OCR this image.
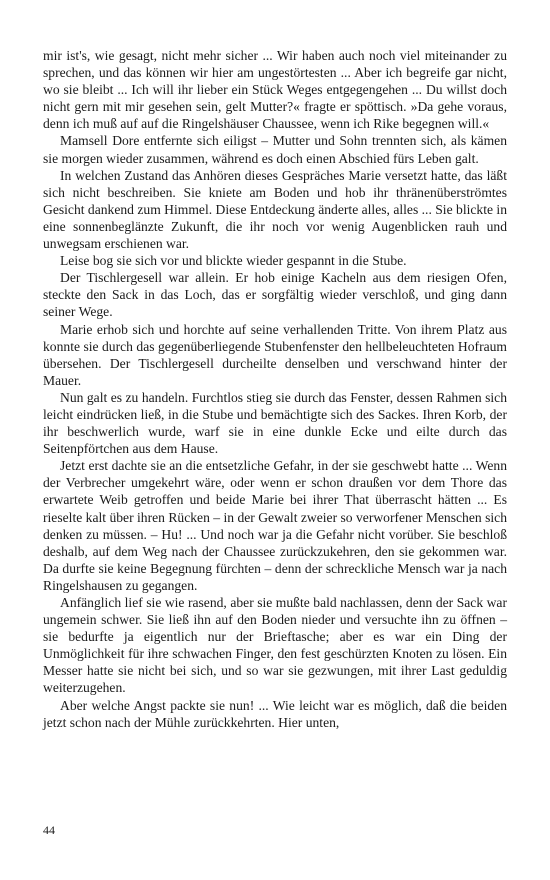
mir ist's, wie gesagt, nicht mehr sicher ... Wir haben auch noch viel miteinander zu sprechen, und das können wir hier am ungestörtesten ... Aber ich begreife gar nicht, wo sie bleibt ... Ich will ihr lieber ein Stück Weges entgegengehen ... Du willst doch nicht gern mit mir gesehen sein, gelt Mutter?« fragte er spöttisch. »Da gehe voraus, denn ich muß auf auf die Ringelshäuser Chaussee, wenn ich Rike begegnen will.«

Mamsell Dore entfernte sich eiligst – Mutter und Sohn trennten sich, als kämen sie morgen wieder zusammen, während es doch einen Abschied fürs Leben galt.

In welchen Zustand das Anhören dieses Gespräches Marie versetzt hatte, das läßt sich nicht beschreiben. Sie kniete am Boden und hob ihr thränenüberströmtes Gesicht dankend zum Himmel. Diese Entdeckung änderte alles, alles ... Sie blickte in eine sonnenbeglänzte Zukunft, die ihr noch vor wenig Augenblicken rauh und unwegsam erschienen war.

Leise bog sie sich vor und blickte wieder gespannt in die Stube.

Der Tischlergesell war allein. Er hob einige Kacheln aus dem riesigen Ofen, steckte den Sack in das Loch, das er sorgfältig wieder verschloß, und ging dann seiner Wege.

Marie erhob sich und horchte auf seine verhallenden Tritte. Von ihrem Platz aus konnte sie durch das gegenüberliegende Stubenfenster den hellbeleuchteten Hofraum übersehen. Der Tischlergesell durcheilte denselben und verschwand hinter der Mauer.

Nun galt es zu handeln. Furchtlos stieg sie durch das Fenster, dessen Rahmen sich leicht eindrücken ließ, in die Stube und bemächtigte sich des Sackes. Ihren Korb, der ihr beschwerlich wurde, warf sie in eine dunkle Ecke und eilte durch das Seitenpförtchen aus dem Hause.

Jetzt erst dachte sie an die entsetzliche Gefahr, in der sie geschwebt hatte ... Wenn der Verbrecher umgekehrt wäre, oder wenn er schon draußen vor dem Thore das erwartete Weib getroffen und beide Marie bei ihrer That überrascht hätten ... Es rieselte kalt über ihren Rücken – in der Gewalt zweier so verworfener Menschen sich denken zu müssen. – Hu! ... Und noch war ja die Gefahr nicht vorüber. Sie beschloß deshalb, auf dem Weg nach der Chaussee zurückzukehren, den sie gekommen war. Da durfte sie keine Begegnung fürchten – denn der schreckliche Mensch war ja nach Ringelshausen zu gegangen.

Anfänglich lief sie wie rasend, aber sie mußte bald nachlassen, denn der Sack war ungemein schwer. Sie ließ ihn auf den Boden nieder und versuchte ihn zu öffnen – sie bedurfte ja eigentlich nur der Brieftasche; aber es war ein Ding der Unmöglichkeit für ihre schwachen Finger, den fest geschürzten Knoten zu lösen. Ein Messer hatte sie nicht bei sich, und so war sie gezwungen, mit ihrer Last geduldig weiterzugehen.

Aber welche Angst packte sie nun! ... Wie leicht war es möglich, daß die beiden jetzt schon nach der Mühle zurückkehrten. Hier unten,

44
